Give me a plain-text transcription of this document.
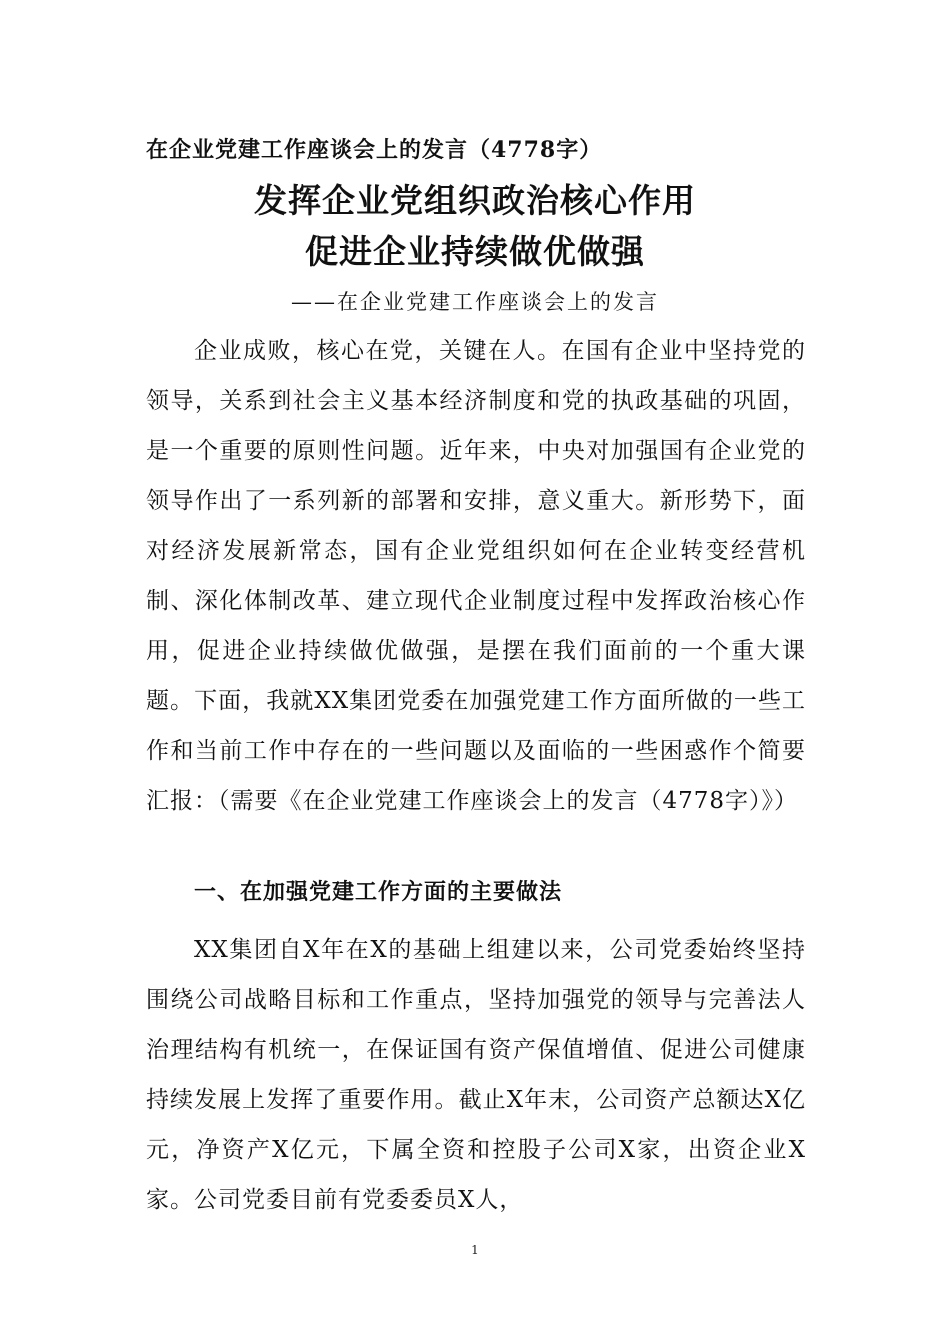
在企业党建工作座谈会上的发言（4778字）
发挥企业党组织政治核心作用
促进企业持续做优做强
——在企业党建工作座谈会上的发言

企业成败，核心在党，关键在人。在国有企业中坚持党的领导，关系到社会主义基本经济制度和党的执政基础的巩固，是一个重要的原则性问题。近年来，中央对加强国有企业党的领导作出了一系列新的部署和安排，意义重大。新形势下，面对经济发展新常态，国有企业党组织如何在企业转变经营机制、深化体制改革、建立现代企业制度过程中发挥政治核心作用，促进企业持续做优做强，是摆在我们面前的一个重大课题。下面，我就XX集团党委在加强党建工作方面所做的一些工作和当前工作中存在的一些问题以及面临的一些困惑作个简要汇报：（需要《在企业党建工作座谈会上的发言（4778字）》）

一、在加强党建工作方面的主要做法

XX集团自X年在X的基础上组建以来，公司党委始终坚持围绕公司战略目标和工作重点，坚持加强党的领导与完善法人治理结构有机统一，在保证国有资产保值增值、促进公司健康持续发展上发挥了重要作用。截止X年末，公司资产总额达X亿元，净资产X亿元，下属全资和控股子公司X家，出资企业X家。公司党委目前有党委委员X人，

1
